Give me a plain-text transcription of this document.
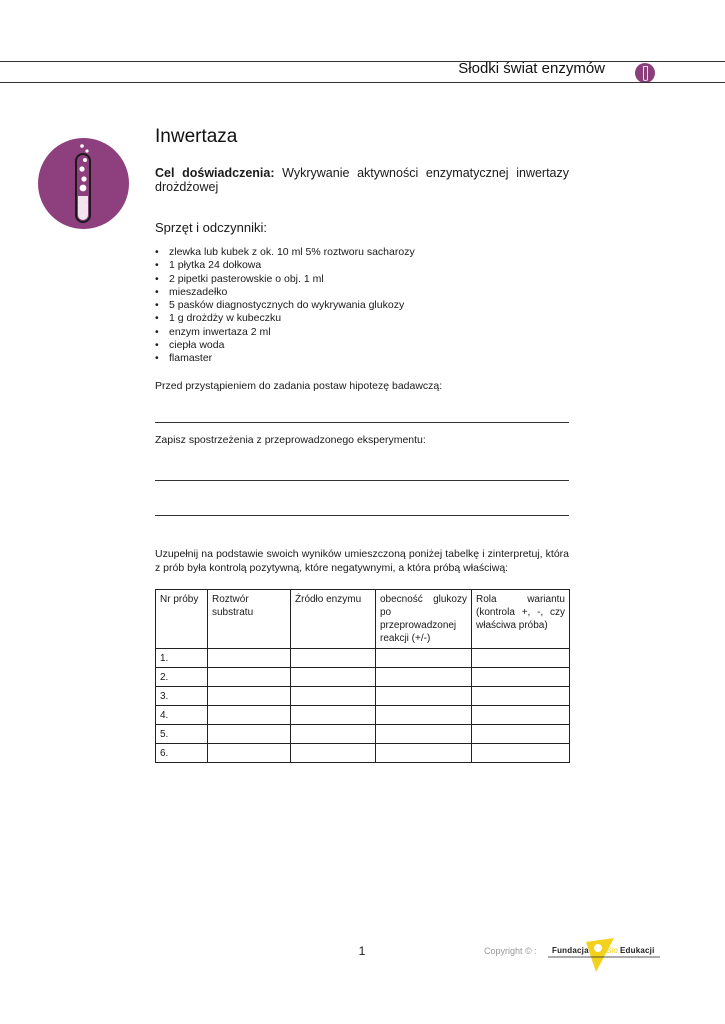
Słodki świat enzymów
Inwertaza
Cel doświadczenia: Wykrywanie aktywności enzymatycznej inwertazy drożdżowej
Sprzęt i odczynniki:
• zlewka lub kubek z ok. 10 ml 5% roztworu sacharozy
• 1 płytka 24 dołkowa
• 2 pipetki pasterowskie o obj. 1 ml
• mieszadełko
• 5 pasków diagnostycznych do wykrywania glukozy
• 1 g drożdży w kubeczku
• enzym inwertaza 2 ml
• ciepła woda
• flamaster
Przed przystąpieniem do zadania postaw hipotezę badawczą:
Zapisz spostrzeżenia z przeprowadzonego eksperymentu:
Uzupełnij na podstawie swoich wyników umieszczoną poniżej tabelkę i zinterpretuj, która z prób była kontrolą pozytywną, które negatywnymi, a która próbą właściwą:
Nr próby	Roztwór substratu	Źródło enzymu	obecność glukozy po przeprowadzonej reakcji (+/-)	Rola wariantu (kontrola +, -, czy właściwa próba)
1.				
2.				
3.				
4.				
5.				
6.				
1	Copyright © : Fundacja Bio Edukacji
